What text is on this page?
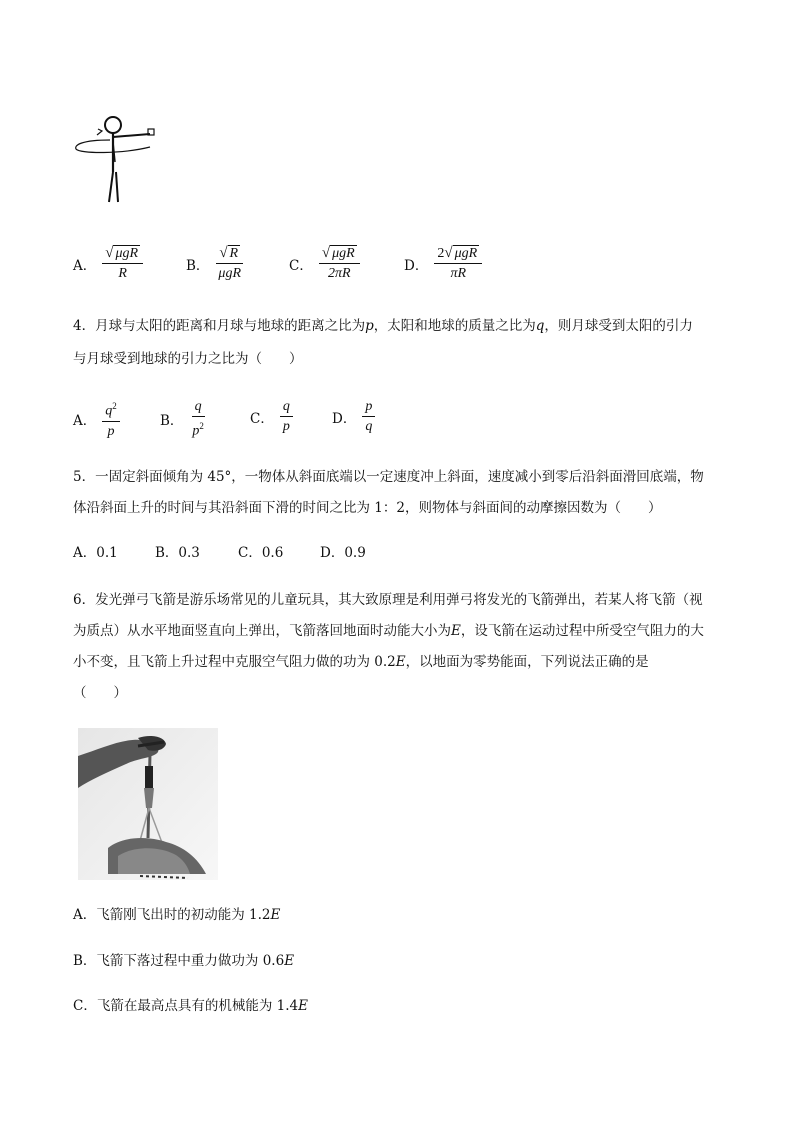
A． $\frac{\text{√ μgR}}{R}$	B． $\frac{√ R}{\text{μgR}}$	C． $\frac{\text{√ μgR}}{2\pi R}$	D． $\frac{\text{2 √ μgR}}{\pi R}$
4．月球与太阳的距离和月球与地球的距离之比为p，太阳和地球的质量之比为q，则月球受到太阳的引力
与月球受到地球的引力之比为（　　）
A． $\frac{q^2}{p}$	B． $\frac{q}{p^2}$	C． $\frac{q}{p}$	D． $\frac{p}{q}$
5．一固定斜面倾角为 45°，一物体从斜面底端以一定速度冲上斜面，速度减小到零后沿斜面滑回底端，物
体沿斜面上升的时间与其沿斜面下滑的时间之比为 1：2，则物体与斜面间的动摩擦因数为（　　）
A．0.1	B．0.3	C．0.6	D．0.9
6．发光弹弓飞箭是游乐场常见的儿童玩具，其大致原理是利用弹弓将发光的飞箭弹出，若某人将飞箭（视
为质点）从水平地面竖直向上弹出，飞箭落回地面时动能大小为E，设飞箭在运动过程中所受空气阻力的大
小不变，且飞箭上升过程中克服空气阻力做的功为 0.2E，以地面为零势能面，下列说法正确的是
（　　）
A．飞箭刚飞出时的初动能为 1.2E
B．飞箭下落过程中重力做功为 0.6E
C．飞箭在最高点具有的机械能为 1.4E
